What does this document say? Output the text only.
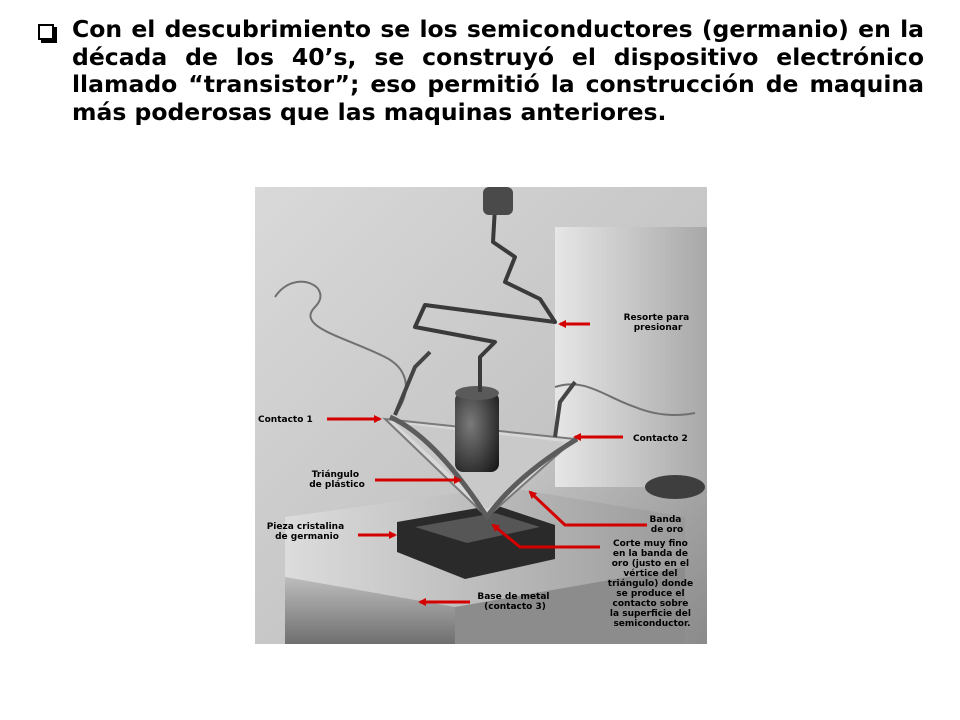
Con el descubrimiento se los semiconductores (germanio) en la década de los 40’s, se construyó el dispositivo electrónico llamado “transistor”; eso permitió la construcción de maquina más poderosas que las maquinas anteriores.
Resorte para presionar
Contacto 1
Contacto 2
Triángulo de plástico
Pieza cristalina de germanio
Banda de oro
Corte muy fino en la banda de oro (justo en el vértice del triángulo) donde se produce el contacto sobre la superficie del semiconductor.
Base de metal (contacto 3)
